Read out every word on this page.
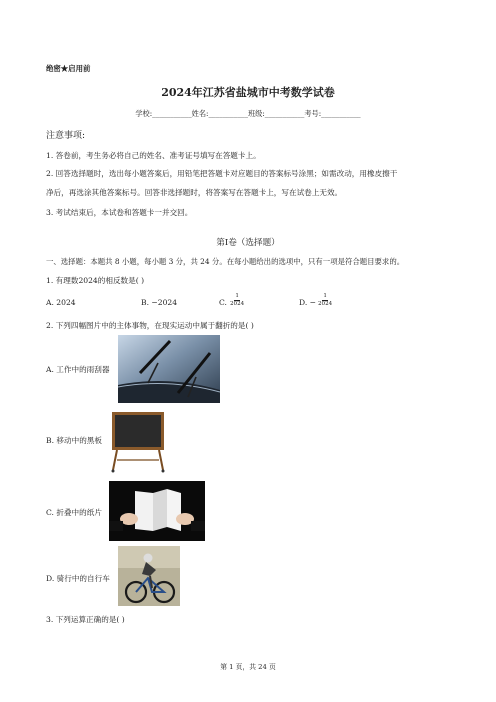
绝密★启用前
2024年江苏省盐城市中考数学试卷
学校:___________姓名:___________班级:___________考号:___________
注意事项:
1. 答卷前，考生务必将自己的姓名、准考证号填写在答题卡上。
2. 回答选择题时，选出每小题答案后，用铅笔把答题卡对应题目的答案标号涂黑；如需改动，用橡皮擦干
净后，再选涂其他答案标号。回答非选择题时，将答案写在答题卡上，写在试卷上无效。
3. 考试结束后，本试卷和答题卡一并交回。
第I卷（选择题）
一、选择题：本题共 8 小题，每小题 3 分，共 24 分。在每小题给出的选项中，只有一项是符合题目要求的。
1. 有理数2024的相反数是( )
A. 2024	B. −2024	C. $\frac{1}{2024}$	D. − $\frac{1}{2024}$
2. 下列四幅图片中的主体事物，在现实运动中属于翻折的是( )
A. 工作中的雨刮器
B. 移动中的黑板
C. 折叠中的纸片
D. 骑行中的自行车
3. 下列运算正确的是( )
第 1 页，共 24 页
